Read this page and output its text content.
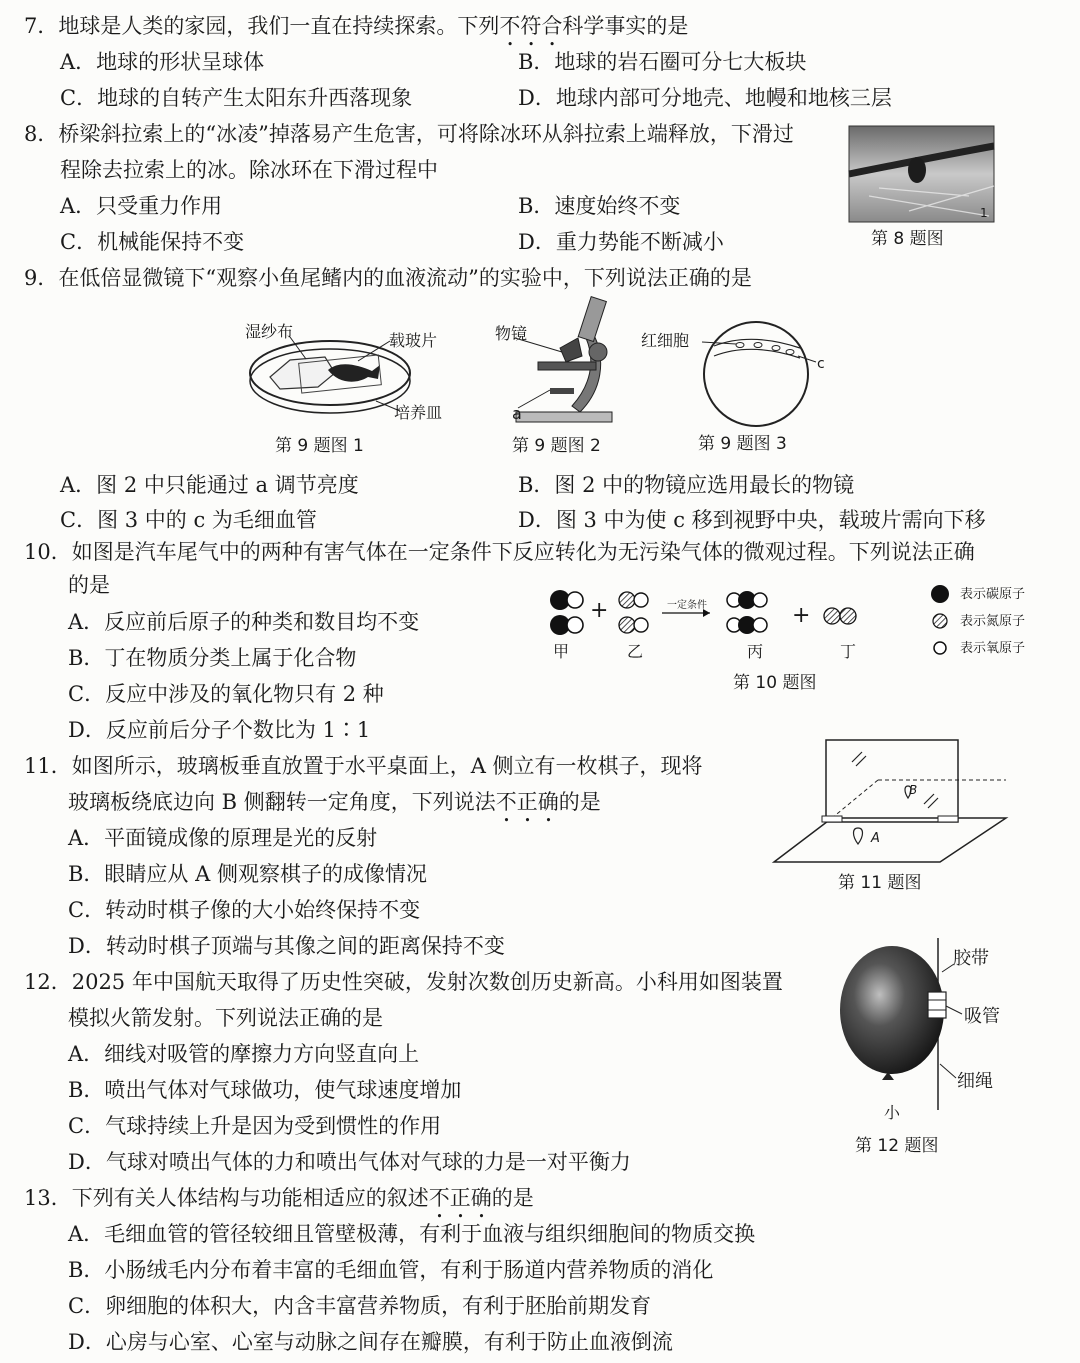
7．地球是人类的家园，我们一直在持续探索。下列不符合科学事实的是
A．地球的形状呈球体	B．地球的岩石圈可分七大板块
C．地球的自转产生太阳东升西落现象	D．地球内部可分地壳、地幔和地核三层
8．桥梁斜拉索上的“冰凌”掉落易产生危害，可将除冰环从斜拉索上端释放，下滑过
程除去拉索上的冰。除冰环在下滑过程中
A．只受重力作用	B．速度始终不变
C．机械能保持不变	D．重力势能不断减小
1
第 8 题图
9．在低倍显微镜下“观察小鱼尾鳍内的血液流动”的实验中，下列说法正确的是
湿纱布	载玻片
培养皿
第 9 题图 1
物镜
a
第 9 题图 2
红细胞
c
第 9 题图 3
A．图 2 中只能通过 a 调节亮度	B．图 2 中的物镜应选用最长的物镜
C．图 3 中的 c 为毛细血管	D．图 3 中为使 c 移到视野中央，载玻片需向下移
10．如图是汽车尾气中的两种有害气体在一定条件下反应转化为无污染气体的微观过程。下列说法正确
的是
A．反应前后原子的种类和数目均不变
B．丁在物质分类上属于化合物
C．反应中涉及的氧化物只有 2 种
D．反应前后分子个数比为 1∶1
+	+
一定条件
甲	乙	丙	丁
第 10 题图
表示碳原子
表示氮原子
表示氧原子
11．如图所示，玻璃板垂直放置于水平桌面上，A 侧立有一枚棋子，现将
玻璃板绕底边向 B 侧翻转一定角度，下列说法不正确的是
A．平面镜成像的原理是光的反射
B．眼睛应从 A 侧观察棋子的成像情况
C．转动时棋子像的大小始终保持不变
D．转动时棋子顶端与其像之间的距离保持不变
A
B
第 11 题图
12．2025 年中国航天取得了历史性突破，发射次数创历史新高。小科用如图装置
模拟火箭发射。下列说法正确的是
A．细线对吸管的摩擦力方向竖直向上
B．喷出气体对气球做功，使气球速度增加
C．气球持续上升是因为受到惯性的作用
D．气球对喷出气体的力和喷出气体对气球的力是一对平衡力
胶带
吸管
细绳
小
第 12 题图
13．下列有关人体结构与功能相适应的叙述不正确的是
A．毛细血管的管径较细且管壁极薄，有利于血液与组织细胞间的物质交换
B．小肠绒毛内分布着丰富的毛细血管，有利于肠道内营养物质的消化
C．卵细胞的体积大，内含丰富营养物质，有利于胚胎前期发育
D．心房与心室、心室与动脉之间存在瓣膜，有利于防止血液倒流
